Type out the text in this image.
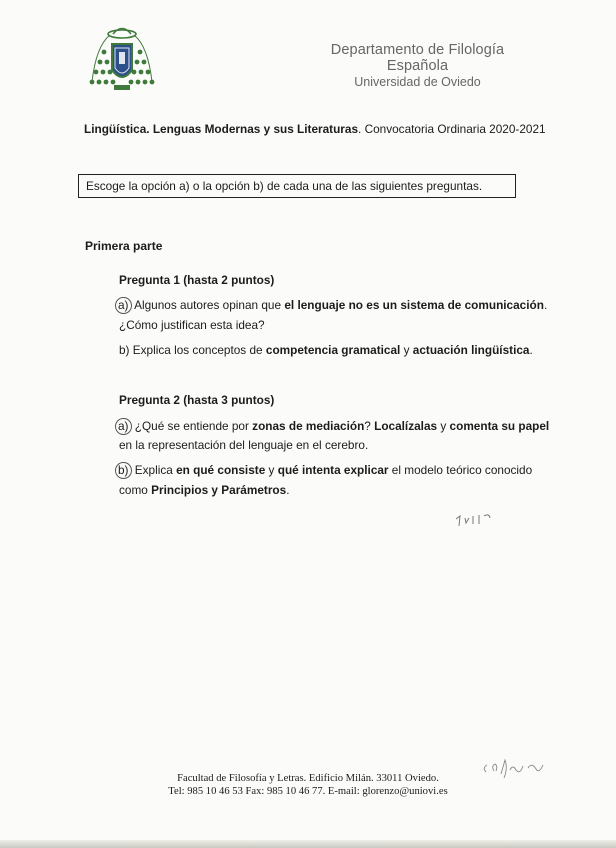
Departamento de Filología Española
Universidad de Oviedo
Lingüística. Lenguas Modernas y sus Literaturas. Convocatoria Ordinaria 2020-2021
Escoge la opción a) o la opción b) de cada una de las siguientes preguntas.
Primera parte
Pregunta 1 (hasta 2 puntos)
a) Algunos autores opinan que el lenguaje no es un sistema de comunicación.
¿Cómo justifican esta idea?
b) Explica los conceptos de competencia gramatical y actuación lingüística.
Pregunta 2 (hasta 3 puntos)
a) ¿Qué se entiende por zonas de mediación? Localízalas y comenta su papel
en la representación del lenguaje en el cerebro.
b) Explica en qué consiste y qué intenta explicar el modelo teórico conocido
como Principios y Parámetros.
Facultad de Filosofía y Letras. Edificio Milán. 33011 Oviedo.
Tel: 985 10 46 53 Fax: 985 10 46 77. E-mail: glorenzo@uniovi.es
